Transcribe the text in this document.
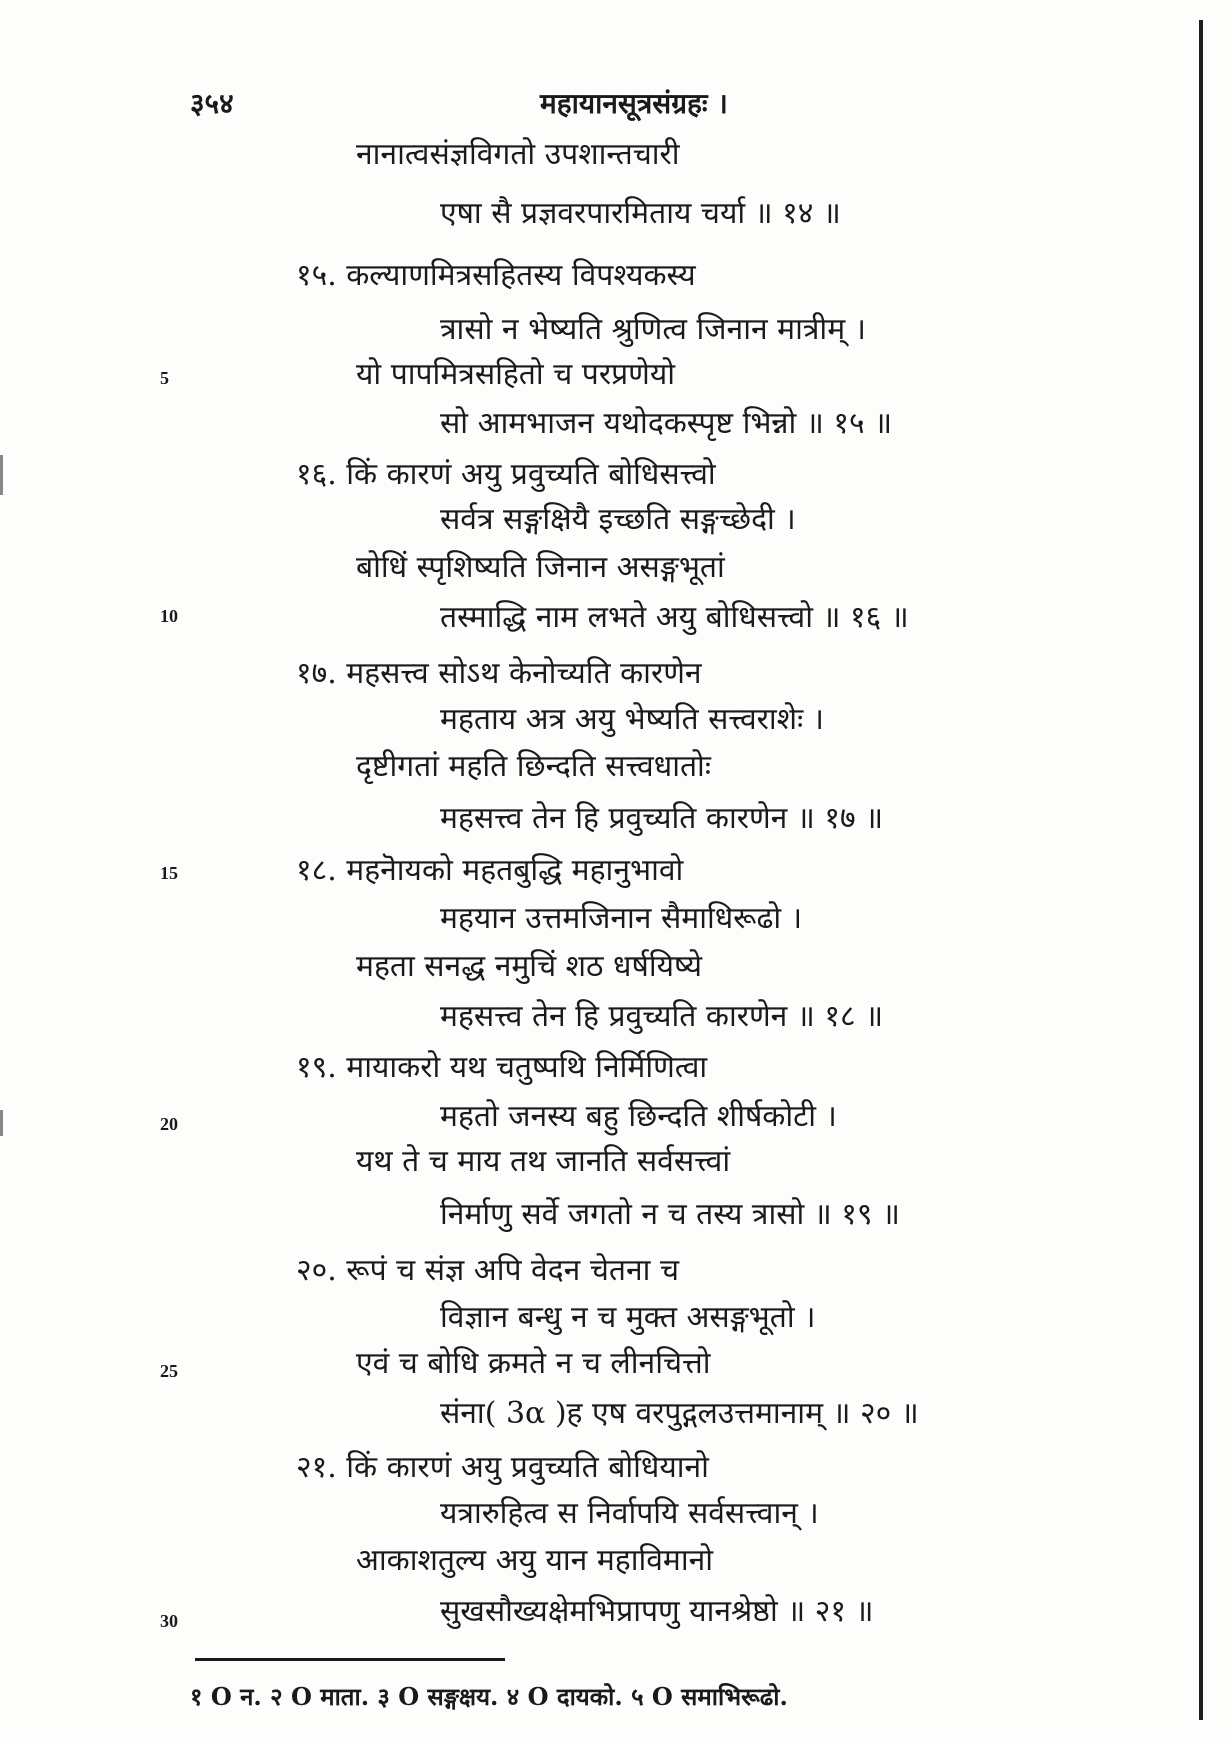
३५४	महायानसूत्रसंग्रहः ।
नानात्वसंज्ञविगतो उपशान्तचारी
एषा सै प्रज्ञवरपारमिताय चर्या ॥ १४ ॥
१५. कल्याणमित्रसहितस्य विपश्यकस्य
त्रासो न भेष्यति श्रुणित्व जिनान मात्रीम् ।
यो पापमित्रसहितो च परप्रणेयो
सो आमभाजन यथोदकस्पृष्ट भिन्नो ॥ १५ ॥
१६. किं कारणं अयु प्रवुच्यति बोधिसत्त्वो
सर्वत्र सङ्गक्षियै इच्छति सङ्गच्छेदी ।
बोधिं स्पृशिष्यति जिनान असङ्गभूतां
तस्माद्धि नाम लभते अयु बोधिसत्त्वो ॥ १६ ॥
१७. महसत्त्व सोऽथ केनोच्यति कारणेन
महताय अत्र अयु भेष्यति सत्त्वराशेः ।
दृष्टीगतां महति छिन्दति सत्त्वधातोः
महसत्त्व तेन हि प्रवुच्यति कारणेन ॥ १७ ॥
१८. महनॆायको महतबुद्धि महानुभावो
महयान उत्तमजिनान सैमाधिरूढो ।
महता सनद्ध नमुचिं शठ धर्षयिष्ये
महसत्त्व तेन हि प्रवुच्यति कारणेन ॥ १८ ॥
१९. मायाकरो यथ चतुष्पथि निर्मिणित्वा
महतो जनस्य बहु छिन्दति शीर्षकोटी ।
यथ ते च माय तथ जानति सर्वसत्त्वां
निर्माणु सर्वे जगतो न च तस्य त्रासो ॥ १९ ॥
२०. रूपं च संज्ञ अपि वेदन चेतना च
विज्ञान बन्धु न च मुक्त असङ्गभूतो ।
एवं च बोधि क्रमते न च लीनचित्तो
संना( 3α )ह एष वरपुद्गलउत्तमानाम् ॥ २० ॥
२१. किं कारणं अयु प्रवुच्यति बोधियानो
यत्रारुहित्व स निर्वापयि सर्वसत्त्वान् ।
आकाशतुल्य अयु यान महाविमानो
सुखसौख्यक्षेमभिप्रापणु यानश्रेष्ठो ॥ २१ ॥
5
10
15
20
25
30
१ O न. २ O माता. ३ O सङ्गक्षय. ४ O दायको. ५ O समाभिरूढो.
